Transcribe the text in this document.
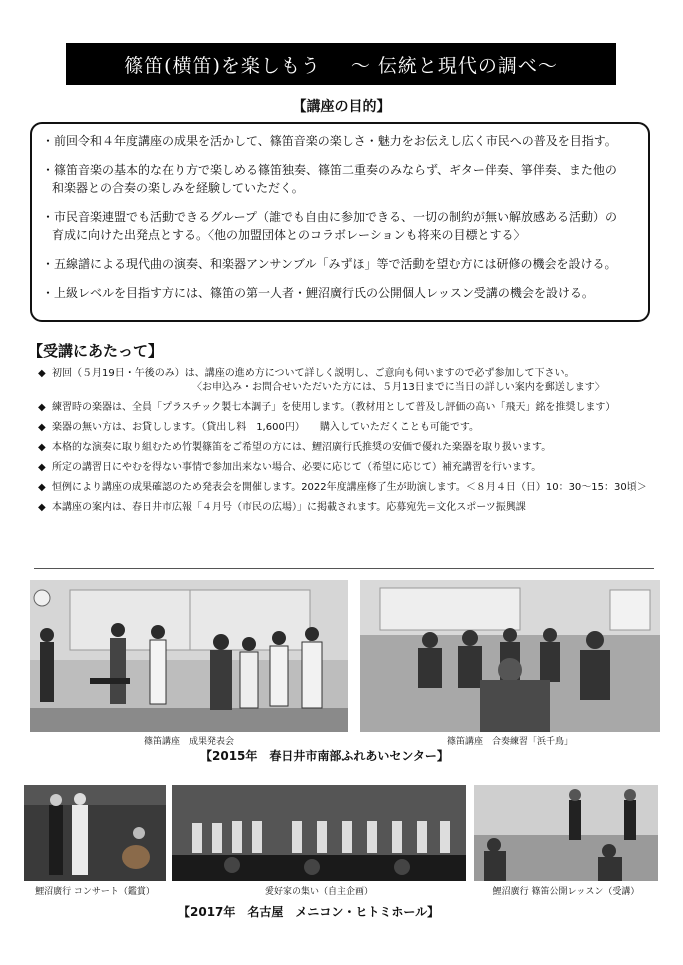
篠笛(横笛)を楽しもう ～ 伝統と現代の調べ～
【講座の目的】
・前回令和４年度講座の成果を活かして、篠笛音楽の楽しさ・魅力をお伝えし広く市民への普及を目指す。
・篠笛音楽の基本的な在り方で楽しめる篠笛独奏、篠笛二重奏のみならず、ギター伴奏、箏伴奏、また他の
和楽器との合奏の楽しみを経験していただく。
・市民音楽連盟でも活動できるグループ（誰でも自由に参加できる、一切の制約が無い解放感ある活動）の
育成に向けた出発点とする。〈他の加盟団体とのコラボレーションも将来の目標とする〉
・五線譜による現代曲の演奏、和楽器アンサンブル「みずほ」等で活動を望む方には研修の機会を設ける。
・上級レベルを目指す方には、篠笛の第一人者・鯉沼廣行氏の公開個人レッスン受講の機会を設ける。
【受講にあたって】
◆ 初回（５月19日・午後のみ）は、講座の進め方について詳しく説明し、ご意向も伺いますので必ず参加して下さい。
〈お申込み・お問合せいただいた方には、５月13日までに当日の詳しい案内を郵送します〉
◆ 練習時の楽器は、全員「プラスチック製七本調子」を使用します。（教材用として普及し評価の高い「飛天」銘を推奨します）
◆ 楽器の無い方は、お貸しします。（貸出し料　1,600円）　　購入していただくことも可能です。
◆ 本格的な演奏に取り組むため竹製篠笛をご希望の方には、鯉沼廣行氏推奨の安価で優れた楽器を取り扱います。
◆ 所定の講習日にやむを得ない事情で参加出来ない場合、必要に応じて（希望に応じて）補充講習を行います。
◆ 恒例により講座の成果確認のため発表会を開催します。2022年度講座修了生が助演します。＜８月４日（日）10：30～15：30頃＞
◆ 本講座の案内は、春日井市広報「４月号（市民の広場）」に掲載されます。応募宛先＝文化スポーツ振興課
篠笛講座　成果発表会	篠笛講座　合奏練習「浜千鳥」
【2015年　春日井市南部ふれあいセンター】
鯉沼廣行 コンサート（鑑賞）	愛好家の集い（自主企画）	鯉沼廣行 篠笛公開レッスン（受講）
【2017年　名古屋　メニコン・ヒトミホール】
